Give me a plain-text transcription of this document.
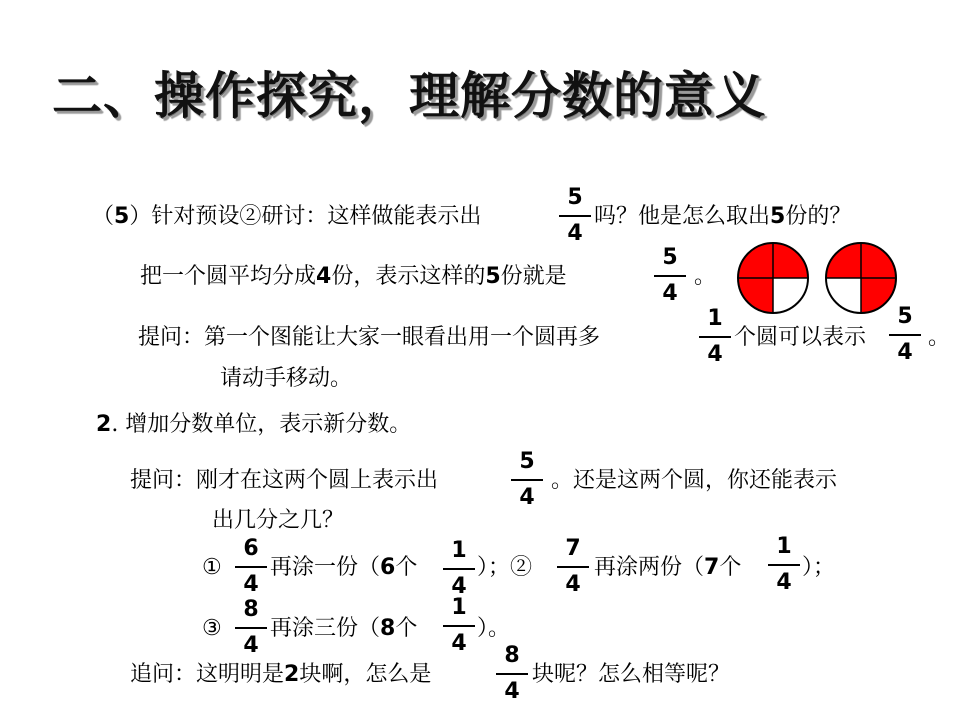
二、操作探究，理解分数的意义
（5）针对预设②研讨：这样做能表示出
5
4
吗？他是怎么取出5份的？
把一个圆平均分成4份，表示这样的5份就是
5
4
。
提问：第一个图能让大家一眼看出用一个圆再多
1
4
个圆可以表示
5
4
。
请动手移动。
2. 增加分数单位，表示新分数。
提问：刚才在这两个圆上表示出
5
4
。还是这两个圆，你还能表示
出几分之几？
①
6
4
再涂一份（6个
1
4
）；②
7
4
再涂两份（7个
1
4
）；
③
8
4
再涂三份（8个
1
4
）。
追问：这明明是2块啊，怎么是
8
4
块呢？怎么相等呢？
